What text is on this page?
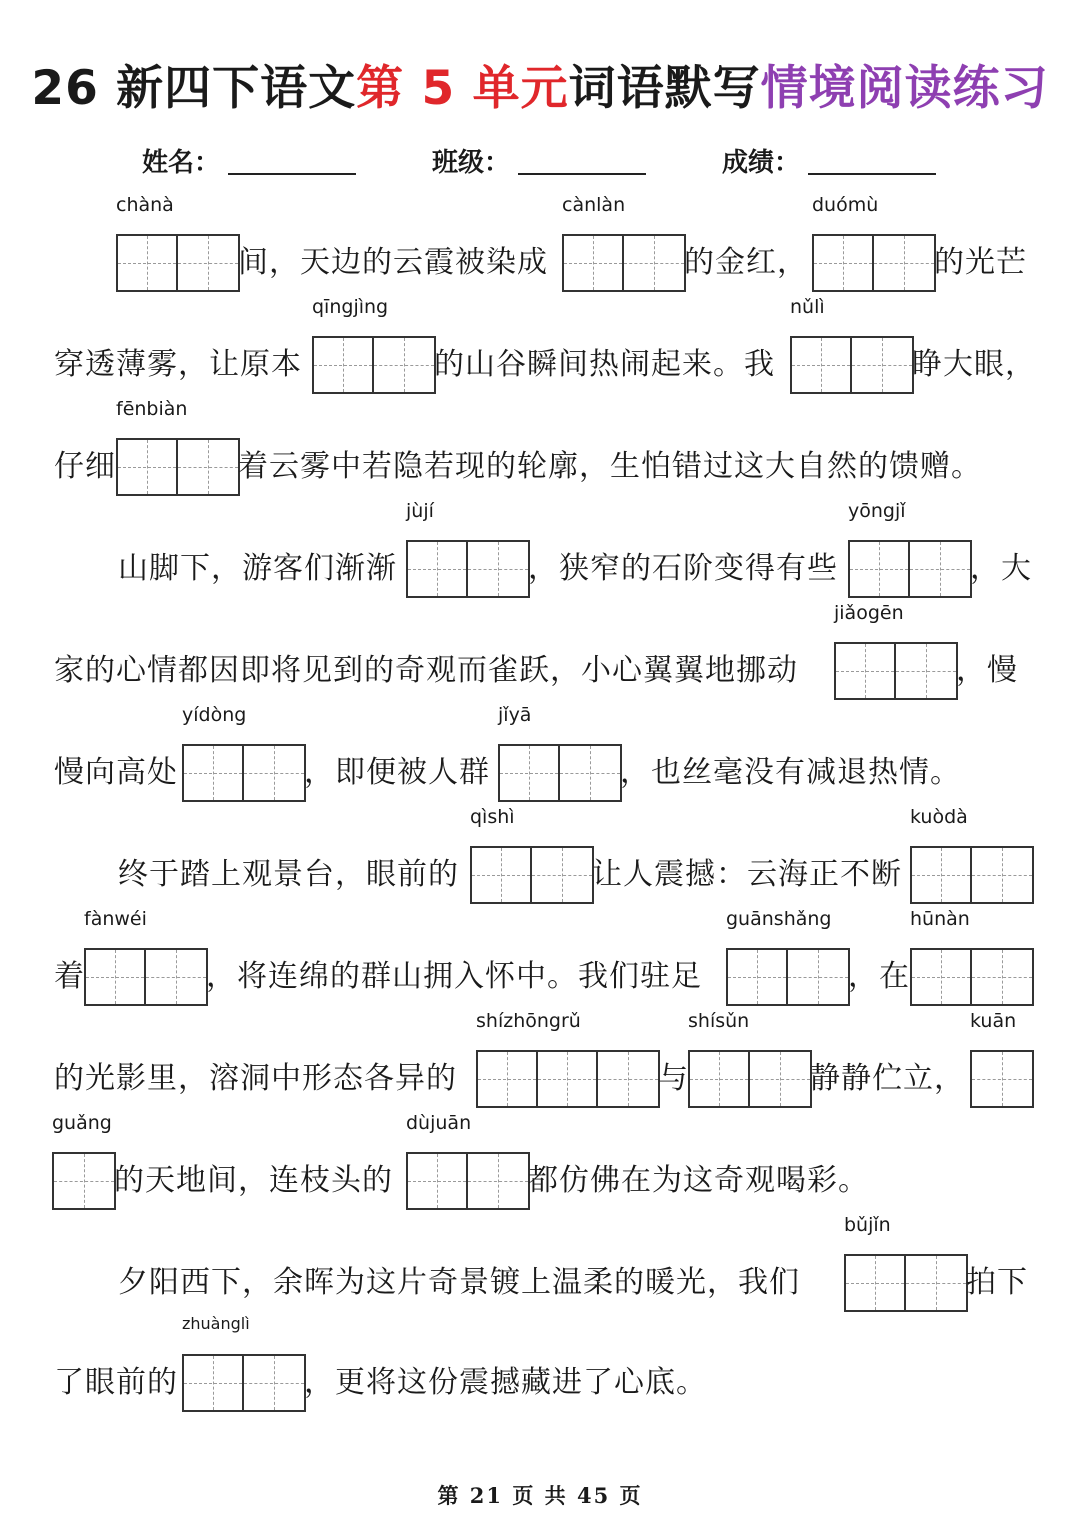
26 新四下语文第 5 单元词语默写情境阅读练习
姓名：	班级：	成绩：
chà nà
间，天边的云霞被染成
càn làn
的金红，
duó mù
的光芒
穿透薄雾，让原本
qīng jìng
的山谷瞬间热闹起来。我
nǔ lì
睁大眼，
仔细
fēn biàn
着云雾中若隐若现的轮廓，生怕错过这大自然的馈赠。
山脚下，游客们渐渐
jù jí
，狭窄的石阶变得有些
yōng jǐ
，大
家的心情都因即将见到的奇观而雀跃，小心翼翼地挪动
jiǎo gēn
，慢
慢向高处
yí dòng
，即便被人群
jǐ yā
，也丝毫没有减退热情。
终于踏上观景台，眼前的
qì shì
让人震撼：云海正不断
kuò dà
着
fàn wéi
，将连绵的群山拥入怀中。我们驻足
guān shǎng
，在
hūn àn
的光影里，溶洞中形态各异的
shí zhōng rǔ
与
shí sǔn
静静伫立，
kuān
guǎng
的天地间，连枝头的
dù juān
都仿佛在为这奇观喝彩。
夕阳西下，余晖为这片奇景镀上温柔的暖光，我们
bǔ jǐn
拍下
了眼前的
zhuàng lì
，更将这份震撼藏进了心底。
第 21 页 共 45 页
